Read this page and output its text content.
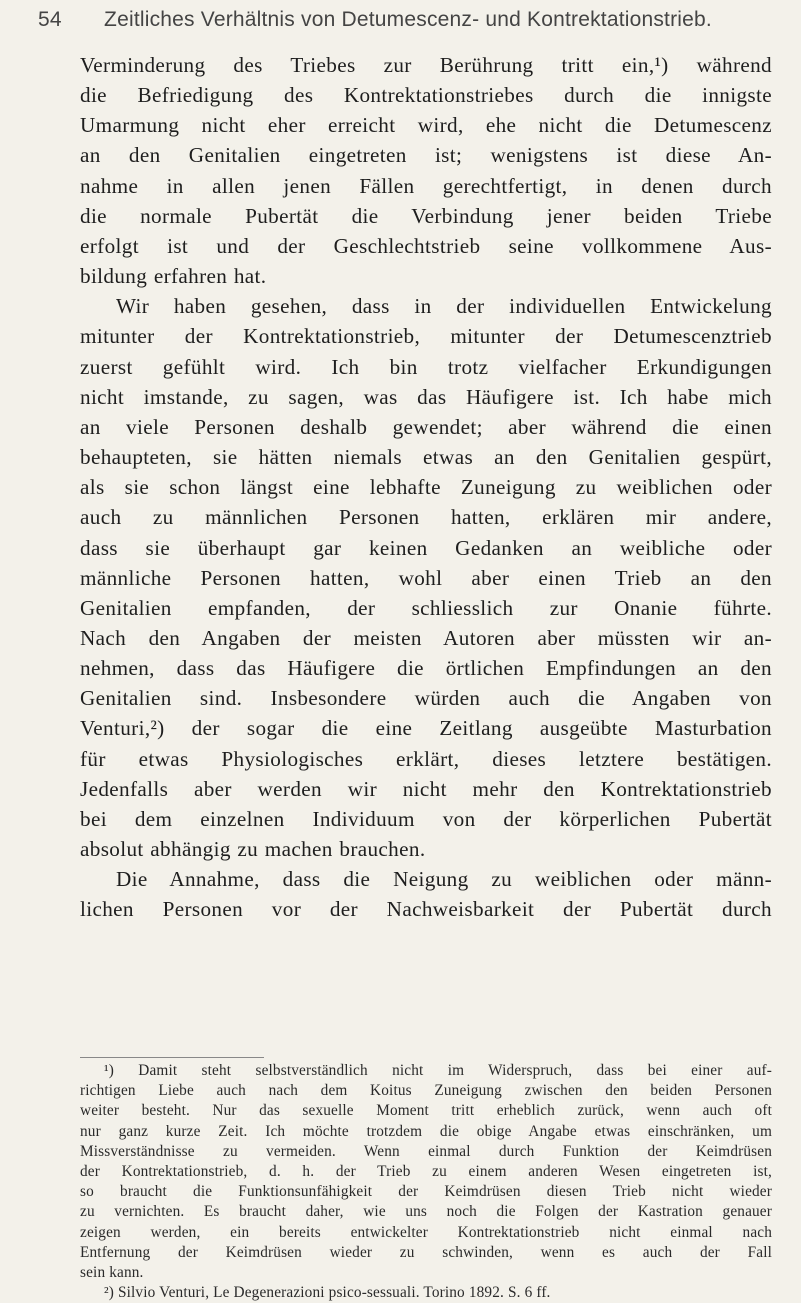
54	Zeitliches Verhältnis von Detumescenz- und Kontrektationstrieb.
Verminderung des Triebes zur Berührung tritt ein,¹) während
die Befriedigung des Kontrektationstriebes durch die innigste
Umarmung nicht eher erreicht wird, ehe nicht die Detumescenz
an den Genitalien eingetreten ist; wenigstens ist diese An-
nahme in allen jenen Fällen gerechtfertigt, in denen durch
die normale Pubertät die Verbindung jener beiden Triebe
erfolgt ist und der Geschlechtstrieb seine vollkommene Aus-
bildung erfahren hat.
Wir haben gesehen, dass in der individuellen Entwickelung
mitunter der Kontrektationstrieb, mitunter der Detumescenztrieb
zuerst gefühlt wird. Ich bin trotz vielfacher Erkundigungen
nicht imstande, zu sagen, was das Häufigere ist. Ich habe mich
an viele Personen deshalb gewendet; aber während die einen
behaupteten, sie hätten niemals etwas an den Genitalien gespürt,
als sie schon längst eine lebhafte Zuneigung zu weiblichen oder
auch zu männlichen Personen hatten, erklären mir andere,
dass sie überhaupt gar keinen Gedanken an weibliche oder
männliche Personen hatten, wohl aber einen Trieb an den
Genitalien empfanden, der schliesslich zur Onanie führte.
Nach den Angaben der meisten Autoren aber müssten wir an-
nehmen, dass das Häufigere die örtlichen Empfindungen an den
Genitalien sind. Insbesondere würden auch die Angaben von
Venturi,²) der sogar die eine Zeitlang ausgeübte Masturbation
für etwas Physiologisches erklärt, dieses letztere bestätigen.
Jedenfalls aber werden wir nicht mehr den Kontrektationstrieb
bei dem einzelnen Individuum von der körperlichen Pubertät
absolut abhängig zu machen brauchen.
Die Annahme, dass die Neigung zu weiblichen oder männ-
lichen Personen vor der Nachweisbarkeit der Pubertät durch
¹) Damit steht selbstverständlich nicht im Widerspruch, dass bei einer auf-
richtigen Liebe auch nach dem Koitus Zuneigung zwischen den beiden Personen
weiter besteht. Nur das sexuelle Moment tritt erheblich zurück, wenn auch oft
nur ganz kurze Zeit. Ich möchte trotzdem die obige Angabe etwas einschränken, um
Missverständnisse zu vermeiden. Wenn einmal durch Funktion der Keimdrüsen
der Kontrektationstrieb, d. h. der Trieb zu einem anderen Wesen eingetreten ist,
so braucht die Funktionsunfähigkeit der Keimdrüsen diesen Trieb nicht wieder
zu vernichten. Es braucht daher, wie uns noch die Folgen der Kastration genauer
zeigen werden, ein bereits entwickelter Kontrektationstrieb nicht einmal nach
Entfernung der Keimdrüsen wieder zu schwinden, wenn es auch der Fall
sein kann.
²) Silvio Venturi, Le Degenerazioni psico-sessuali. Torino 1892. S. 6 ff.
